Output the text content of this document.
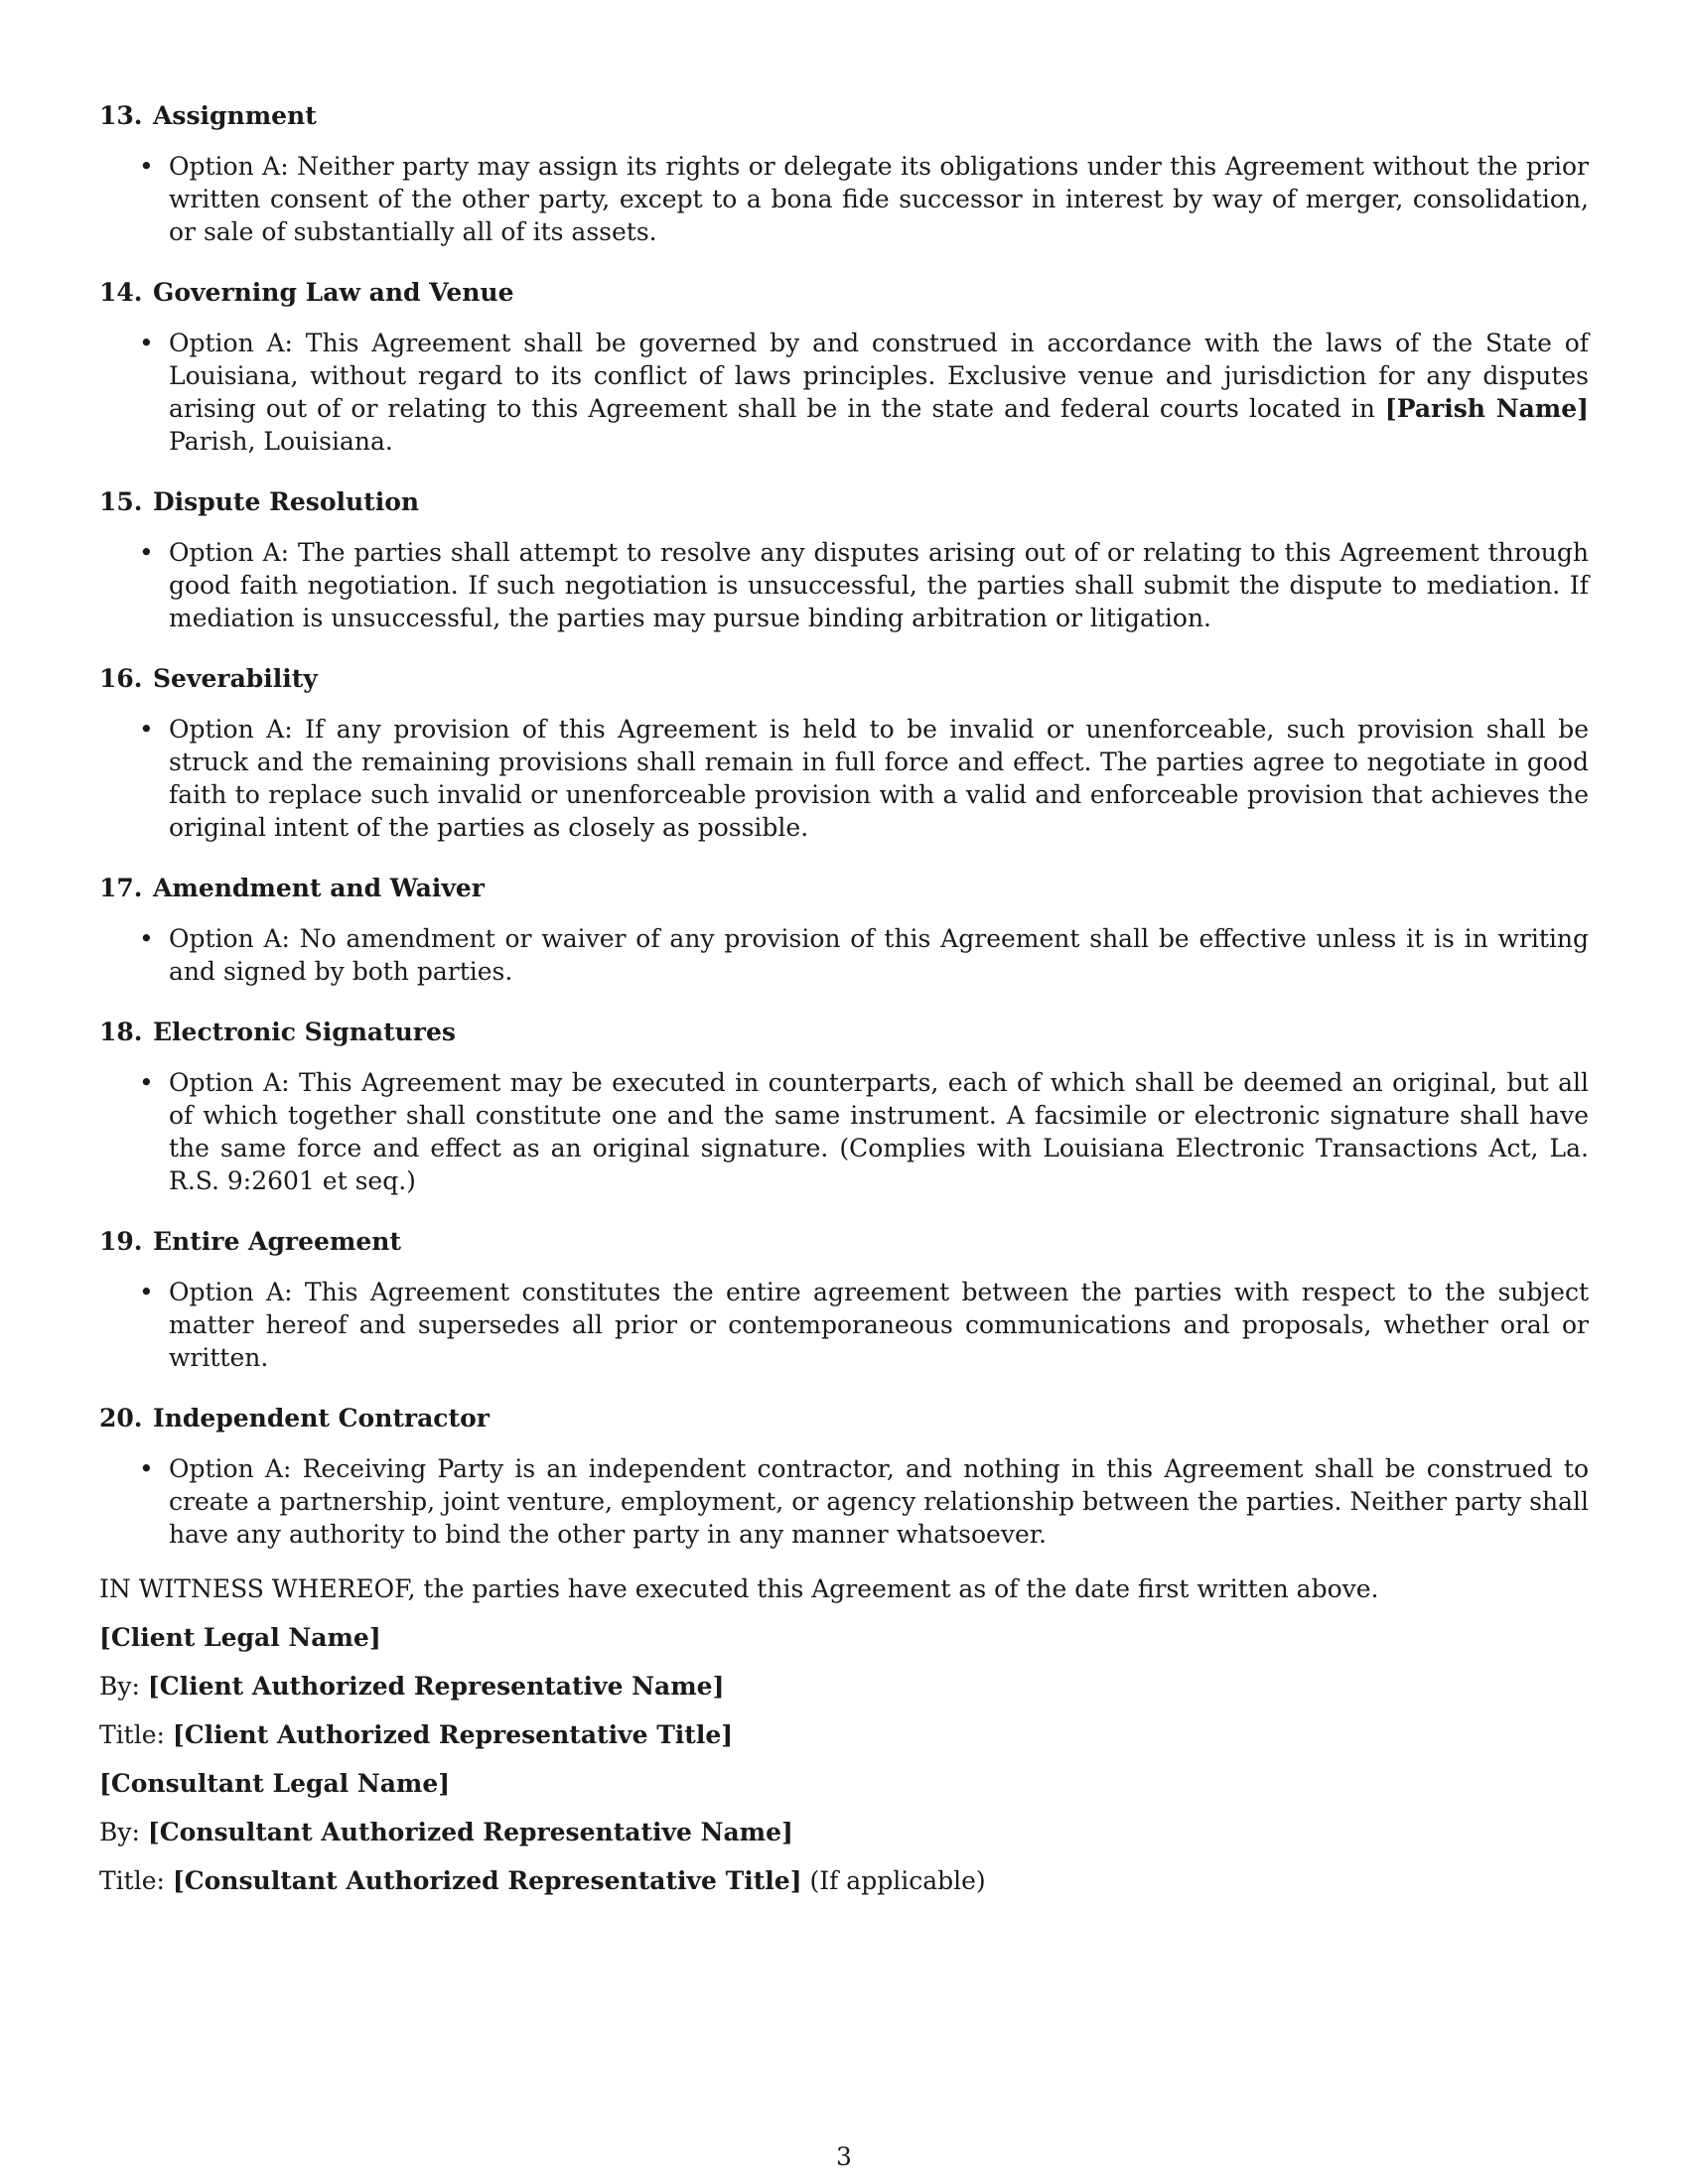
13. Assignment
• Option A: Neither party may assign its rights or delegate its obligations under this Agreement without the prior written consent of the other party, except to a bona fide successor in interest by way of merger, consolidation, or sale of substantially all of its assets.
14. Governing Law and Venue
• Option A: This Agreement shall be governed by and construed in accordance with the laws of the State of Louisiana, without regard to its conflict of laws principles. Exclusive venue and jurisdiction for any disputes arising out of or relating to this Agreement shall be in the state and federal courts located in [Parish Name] Parish, Louisiana.
15. Dispute Resolution
• Option A: The parties shall attempt to resolve any disputes arising out of or relating to this Agreement through good faith negotiation. If such negotiation is unsuccessful, the parties shall submit the dispute to mediation. If mediation is unsuccessful, the parties may pursue binding arbitration or litigation.
16. Severability
• Option A: If any provision of this Agreement is held to be invalid or unenforceable, such provision shall be struck and the remaining provisions shall remain in full force and effect. The parties agree to negotiate in good faith to replace such invalid or unenforceable provision with a valid and enforceable provision that achieves the original intent of the parties as closely as possible.
17. Amendment and Waiver
• Option A: No amendment or waiver of any provision of this Agreement shall be effective unless it is in writing and signed by both parties.
18. Electronic Signatures
• Option A: This Agreement may be executed in counterparts, each of which shall be deemed an original, but all of which together shall constitute one and the same instrument. A facsimile or electronic signature shall have the same force and effect as an original signature. (Complies with Louisiana Electronic Transactions Act, La. R.S. 9:2601 et seq.)
19. Entire Agreement
• Option A: This Agreement constitutes the entire agreement between the parties with respect to the subject matter hereof and supersedes all prior or contemporaneous communications and proposals, whether oral or written.
20. Independent Contractor
• Option A: Receiving Party is an independent contractor, and nothing in this Agreement shall be construed to create a partnership, joint venture, employment, or agency relationship between the parties. Neither party shall have any authority to bind the other party in any manner whatsoever.
IN WITNESS WHEREOF, the parties have executed this Agreement as of the date first written above.
[Client Legal Name]
By: [Client Authorized Representative Name]
Title: [Client Authorized Representative Title]
[Consultant Legal Name]
By: [Consultant Authorized Representative Name]
Title: [Consultant Authorized Representative Title] (If applicable)
3
